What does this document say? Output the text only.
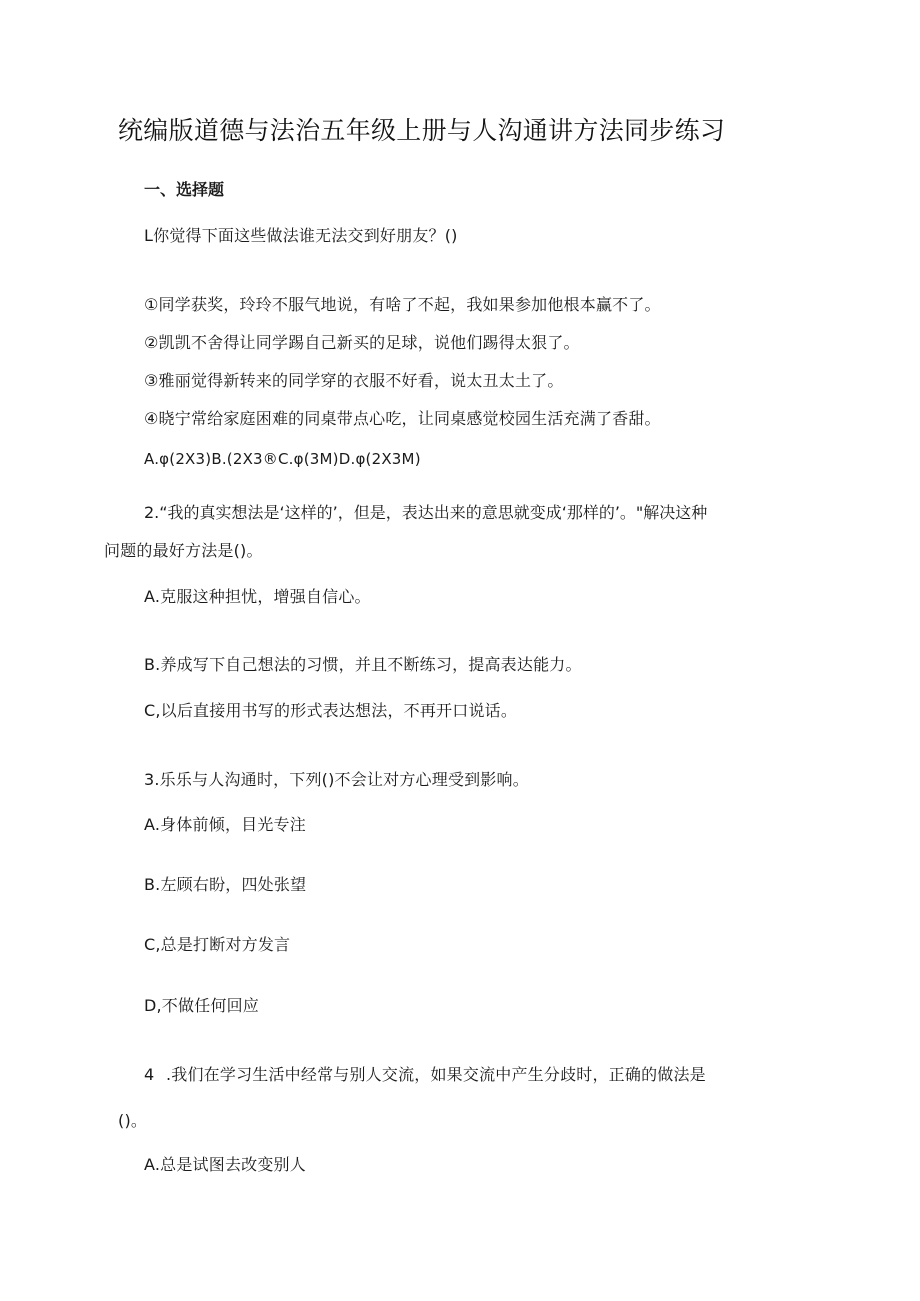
统编版道德与法治五年级上册与人沟通讲方法同步练习
一、选择题
L你觉得下面这些做法谁无法交到好朋友？()
①同学获奖，玲玲不服气地说，有啥了不起，我如果参加他根本赢不了。
②凯凯不舍得让同学踢自己新买的足球，说他们踢得太狠了。
③雅丽觉得新转来的同学穿的衣服不好看，说太丑太土了。
④晓宁常给家庭困难的同桌带点心吃，让同桌感觉校园生活充满了香甜。
A.φ(2X3)B.(2X3®C.φ(3M)D.φ(2X3M)
2.“我的真实想法是‘这样的’，但是，表达出来的意思就变成‘那样的’。"解决这种
问题的最好方法是()。
A.克服这种担忧，增强自信心。
B.养成写下自己想法的习惯，并且不断练习，提高表达能力。
C,以后直接用书写的形式表达想法，不再开口说话。
3.乐乐与人沟通时，下列()不会让对方心理受到影响。
A.身体前倾，目光专注
B.左顾右盼，四处张望
C,总是打断对方发言
D,不做任何回应
4 .我们在学习生活中经常与别人交流，如果交流中产生分歧时，正确的做法是
()。
A.总是试图去改变别人
